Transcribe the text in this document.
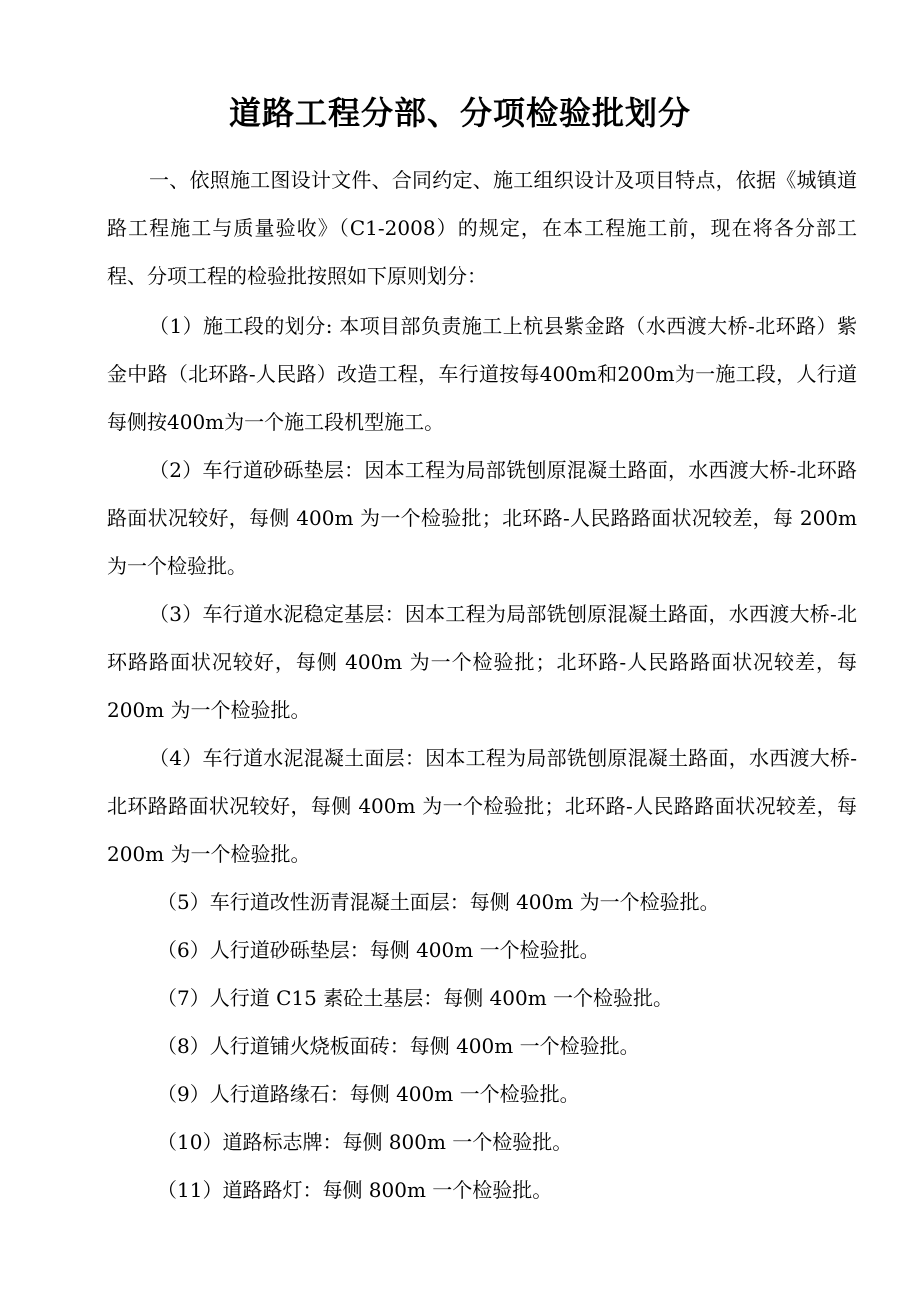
道路工程分部、分项检验批划分

一、依照施工图设计文件、合同约定、施工组织设计及项目特点，依据《城镇道路工程施工与质量验收》（C1-2008）的规定，在本工程施工前，现在将各分部工程、分项工程的检验批按照如下原则划分：

（1）施工段的划分: 本项目部负责施工上杭县紫金路（水西渡大桥-北环路）紫金中路（北环路-人民路）改造工程，车行道按每400m和200m为一施工段，人行道每侧按400m为一个施工段机型施工。

（2）车行道砂砾垫层：因本工程为局部铣刨原混凝土路面，水西渡大桥-北环路路面状况较好，每侧 400m 为一个检验批；北环路-人民路路面状况较差，每 200m 为一个检验批。

（3）车行道水泥稳定基层：因本工程为局部铣刨原混凝土路面，水西渡大桥-北环路路面状况较好，每侧 400m 为一个检验批；北环路-人民路路面状况较差，每 200m 为一个检验批。

（4）车行道水泥混凝土面层：因本工程为局部铣刨原混凝土路面，水西渡大桥-北环路路面状况较好，每侧 400m 为一个检验批；北环路-人民路路面状况较差，每 200m 为一个检验批。

（5）车行道改性沥青混凝土面层：每侧 400m 为一个检验批。

（6）人行道砂砾垫层：每侧 400m 一个检验批。

（7）人行道 C15 素砼土基层：每侧 400m 一个检验批。

（8）人行道铺火烧板面砖：每侧 400m 一个检验批。

（9）人行道路缘石：每侧 400m 一个检验批。

（10）道路标志牌：每侧 800m 一个检验批。

（11）道路路灯：每侧 800m 一个检验批。
